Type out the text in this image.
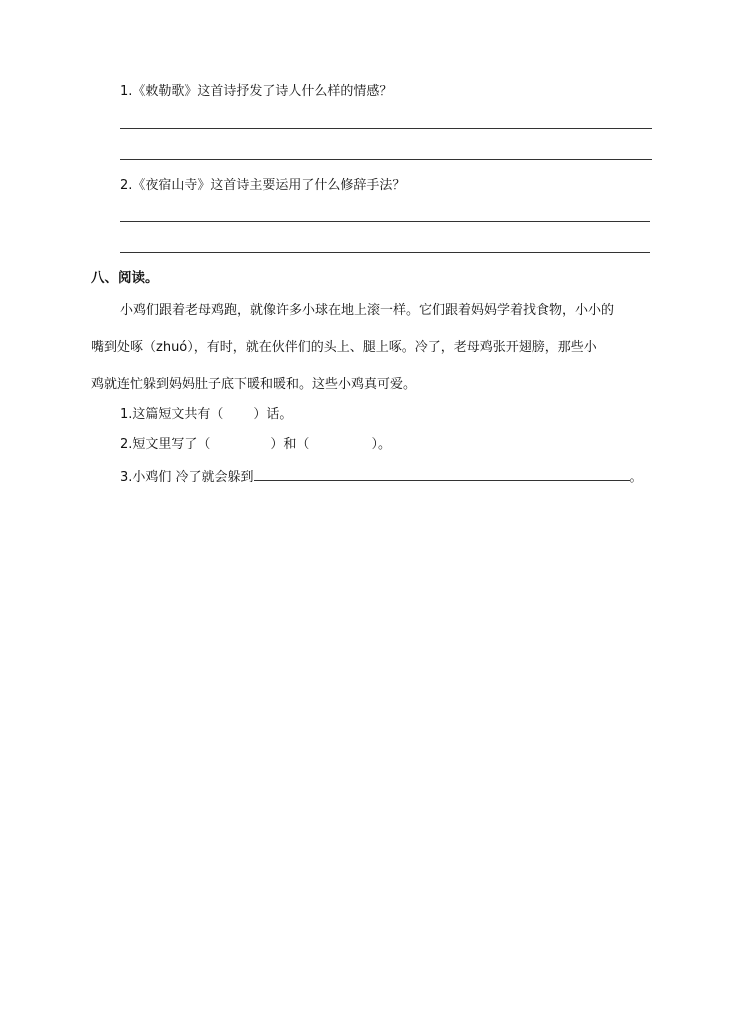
1.《敕勒歌》这首诗抒发了诗人什么样的情感？
2.《夜宿山寺》这首诗主要运用了什么修辞手法？
八、阅读。
小鸡们跟着老母鸡跑，就像许多小球在地上滚一样。它们跟着妈妈学着找食物，小小的
嘴到处啄（zhuó），有时，就在伙伴们的头上、腿上啄。冷了，老母鸡张开翅膀，那些小
鸡就连忙躲到妈妈肚子底下暖和暖和。这些小鸡真可爱。
1.这篇短文共有（ ）话。
2.短文里写了（	）和（	）。
3.小鸡们 冷了就会躲到	。
